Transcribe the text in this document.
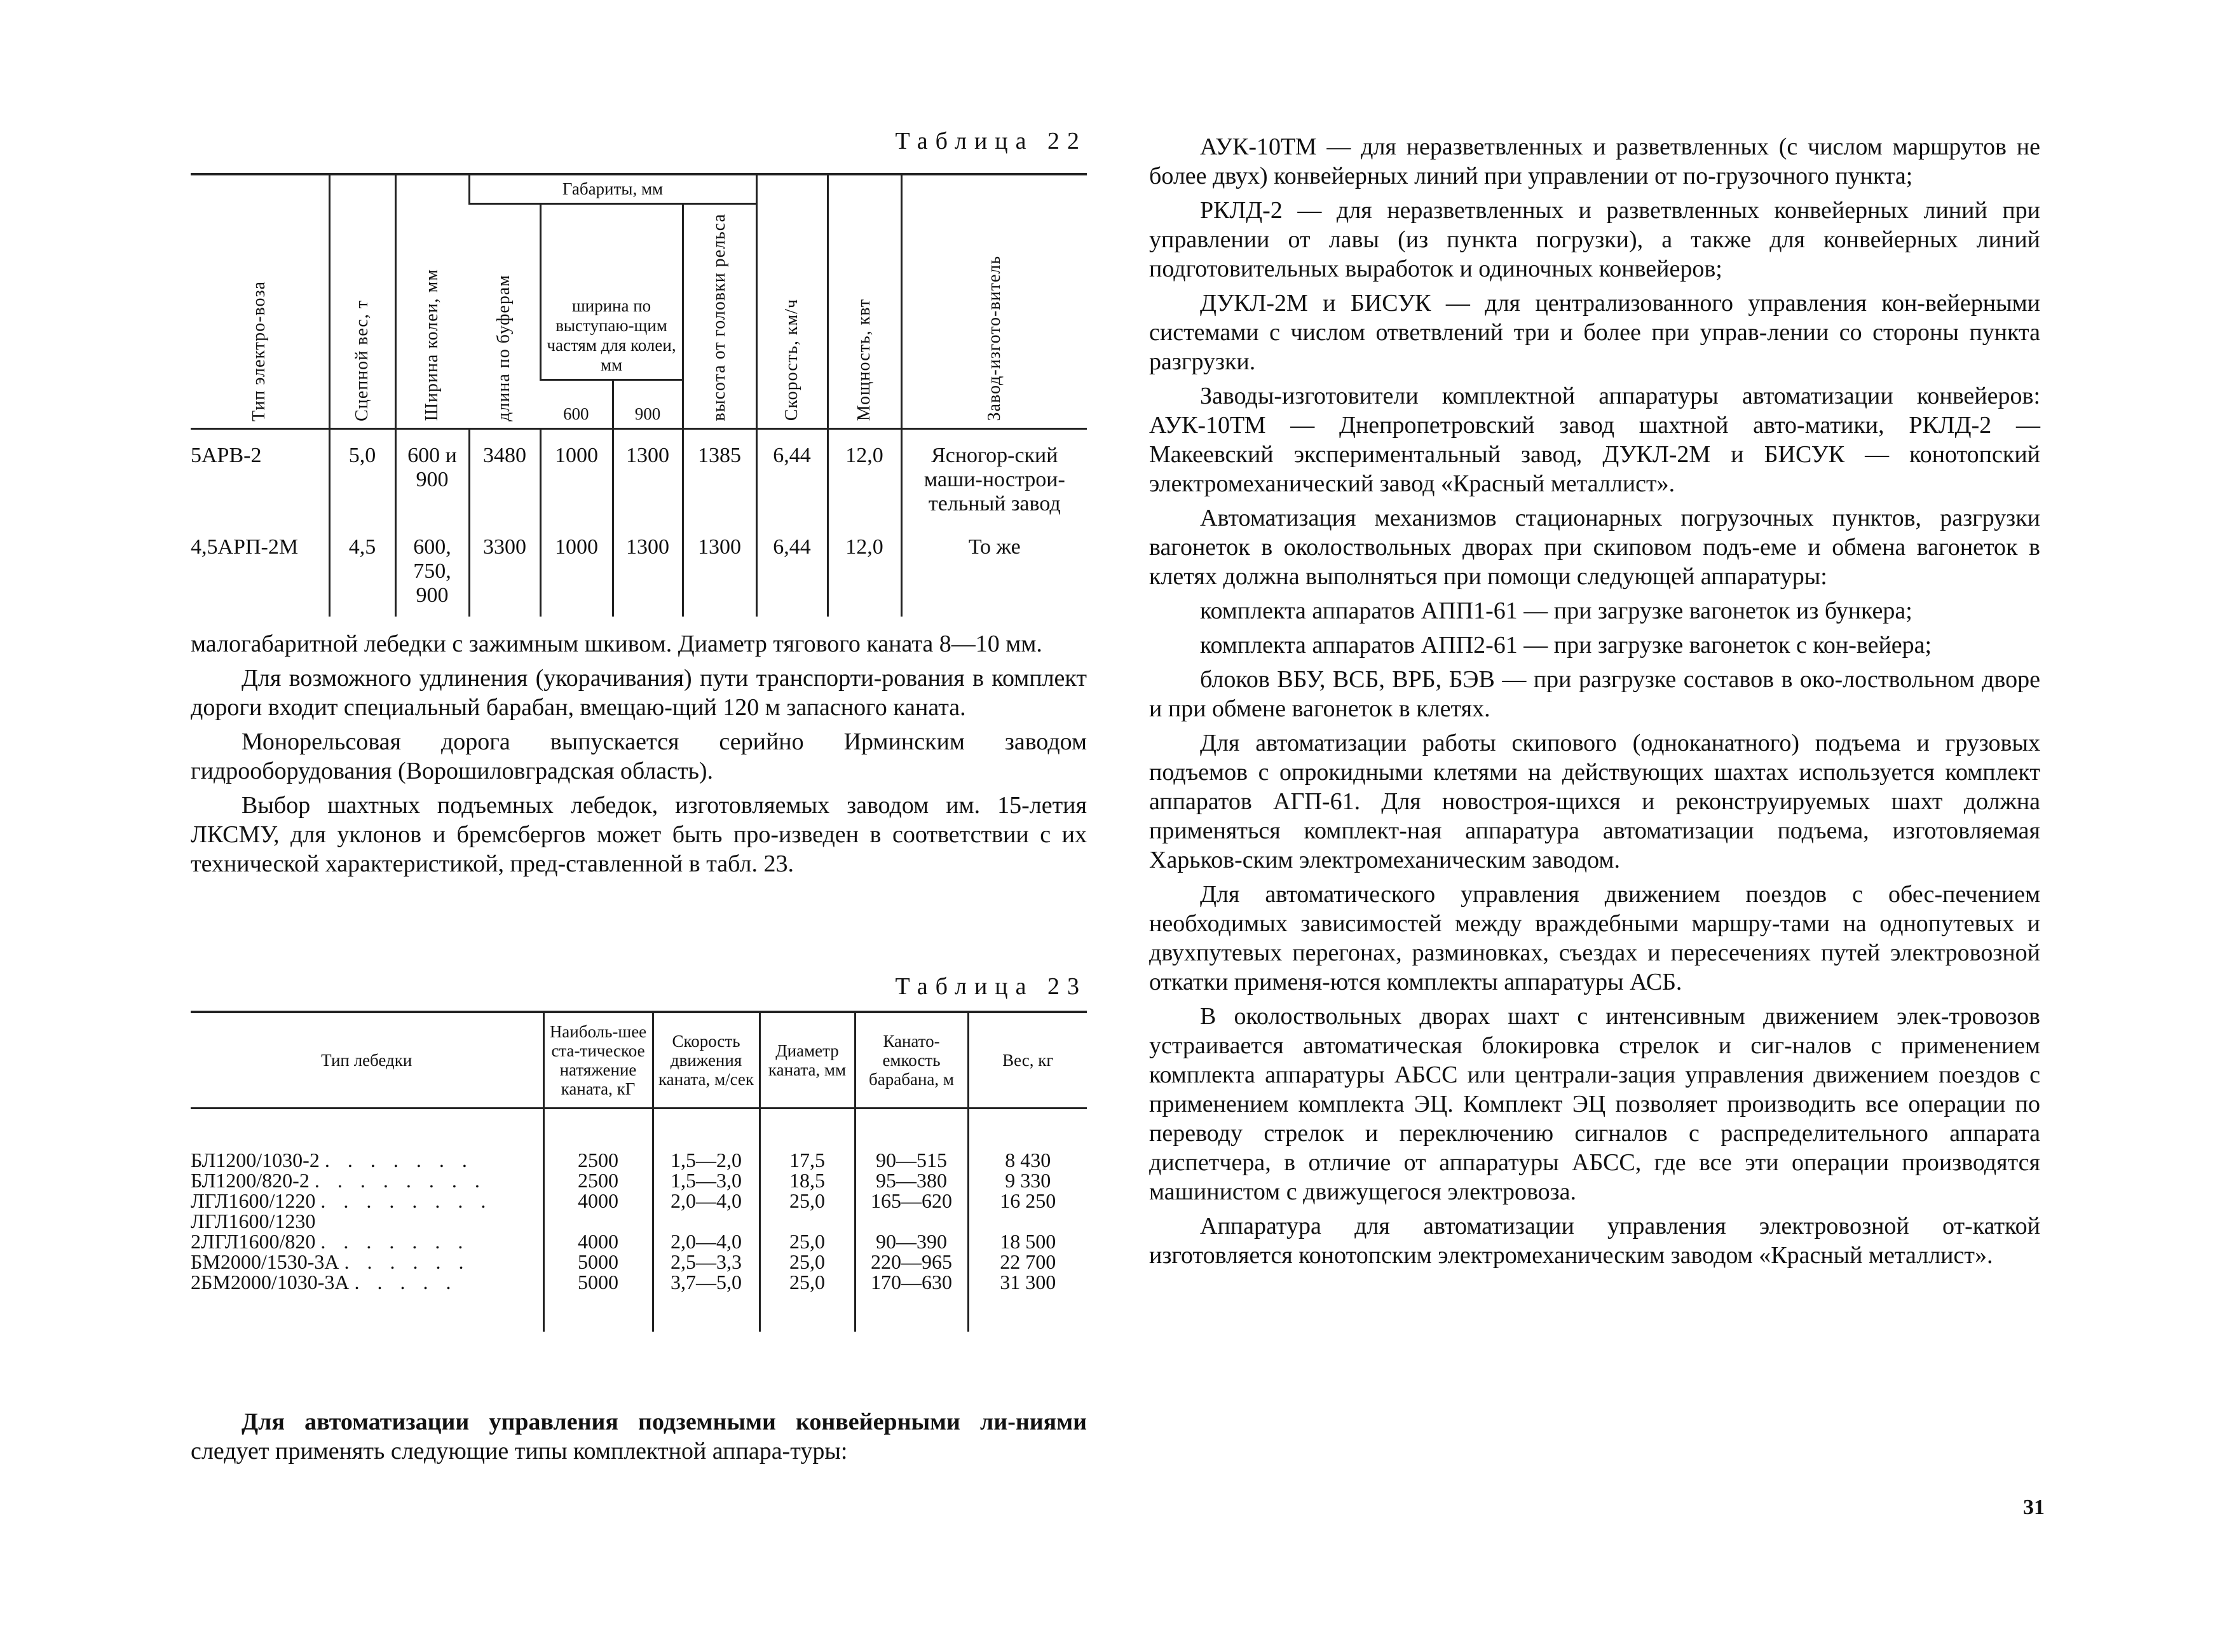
Таблица 22
Тип электро-воза	Сцепной вес, т	Ширина колеи, мм	Габариты, мм				Скорость, км/ч	Мощность, квт	Завод-изгото-витель

			длина по буферам	ширина по выступаю-щим частям для колеи, мм		высота от головки рельса			

				600	900				

5АРВ-2	5,0	600 и 900	3480	1000	1300	1385	6,44	12,0	Ясногор-ский маши-нострои-тельный завод
4,5АРП-2М	4,5	600, 750, 900	3300	1000	1300	1300	6,44	12,0	То же

малогабаритной лебедки с зажимным шкивом. Диаметр тягового каната 8—10 мм.

Для возможного удлинения (укорачивания) пути транспорти-рования в комплект дороги входит специальный барабан, вмещаю-щий 120 м запасного каната.

Монорельсовая дорога выпускается серийно Ирминским заводом гидрооборудования (Ворошиловградская область).

Выбор шахтных подъемных лебедок, изготовляемых заводом им. 15-летия ЛКСМУ, для уклонов и бремсбергов может быть про-изведен в соответствии с их технической характеристикой, пред-ставленной в табл. 23.

Таблица 23
Тип лебедки	Наиболь-шее ста-тическое натяжение каната, кГ	Скорость движения каната, м/сек	Диаметр каната, мм	Канато-емкость барабана, м	Вес, кг
БЛ1200/1030-2 . . . . . . .	2500	1,5—2,0	17,5	90—515	8 430
БЛ1200/820-2 . . . . . . . .	2500	1,5—3,0	18,5	95—380	9 330
ЛГЛ1600/1220 . . . . . . . .	4000	2,0—4,0	25,0	165—620	16 250
ЛГЛ1600/1230					
2ЛГЛ1600/820 . . . . . . .	4000	2,0—4,0	25,0	90—390	18 500
БМ2000/1530-3А . . . . . .	5000	2,5—3,3	25,0	220—965	22 700
2БМ2000/1030-3А . . . . .	5000	3,7—5,0	25,0	170—630	31 300

Для автоматизации управления подземными конвейерными ли-ниями следует применять следующие типы комплектной аппара-туры:

АУК-10ТМ — для неразветвленных и разветвленных (с числом маршрутов не более двух) конвейерных линий при управлении от по-грузочного пункта;

РКЛД-2 — для неразветвленных и разветвленных конвейерных линий при управлении от лавы (из пункта погрузки), а также для конвейерных линий подготовительных выработок и одиночных конвейеров;

ДУКЛ-2М и БИСУК — для централизованного управления кон-вейерными системами с числом ответвлений три и более при управ-лении со стороны пункта разгрузки.

Заводы-изготовители комплектной аппаратуры автоматизации конвейеров: АУК-10ТМ — Днепропетровский завод шахтной авто-матики, РКЛД-2 — Макеевский экспериментальный завод, ДУКЛ-2М и БИСУК — конотопский электромеханический завод «Красный металлист».

Автоматизация механизмов стационарных погрузочных пунктов, разгрузки вагонеток в околоствольных дворах при скиповом подъ-еме и обмена вагонеток в клетях должна выполняться при помощи следующей аппаратуры:

комплекта аппаратов АПП1-61 — при загрузке вагонеток из бункера;

комплекта аппаратов АПП2-61 — при загрузке вагонеток с кон-вейера;

блоков ВБУ, ВСБ, ВРБ, БЭВ — при разгрузке составов в око-лоствольном дворе и при обмене вагонеток в клетях.

Для автоматизации работы скипового (одноканатного) подъема и грузовых подъемов с опрокидными клетями на действующих шахтах используется комплект аппаратов АГП-61. Для новострoя-щихся и реконструируемых шахт должна применяться комплект-ная аппаратура автоматизации подъема, изготовляемая Харьков-ским электромеханическим заводом.

Для автоматического управления движением поездов с обес-печением необходимых зависимостей между враждебными маршру-тами на однопутевых и двухпутевых перегонах, разминовках, съездах и пересечениях путей электровозной откатки применя-ются комплекты аппаратуры АСБ.

В околоствольных дворах шахт с интенсивным движением элек-тровозов устраивается автоматическая блокировка стрелок и сиг-налов с применением комплекта аппаратуры АБСС или централи-зация управления движением поездов с применением комплекта ЭЦ. Комплект ЭЦ позволяет производить все операции по переводу стрелок и переключению сигналов с распределительного аппарата диспетчера, в отличие от аппаратуры АБСС, где все эти операции производятся машинистом с движущегося электровоза.

Аппаратура для автоматизации управления электровозной от-каткой изготовляется конотопским электромеханическим заводом «Красный металлист».

31
